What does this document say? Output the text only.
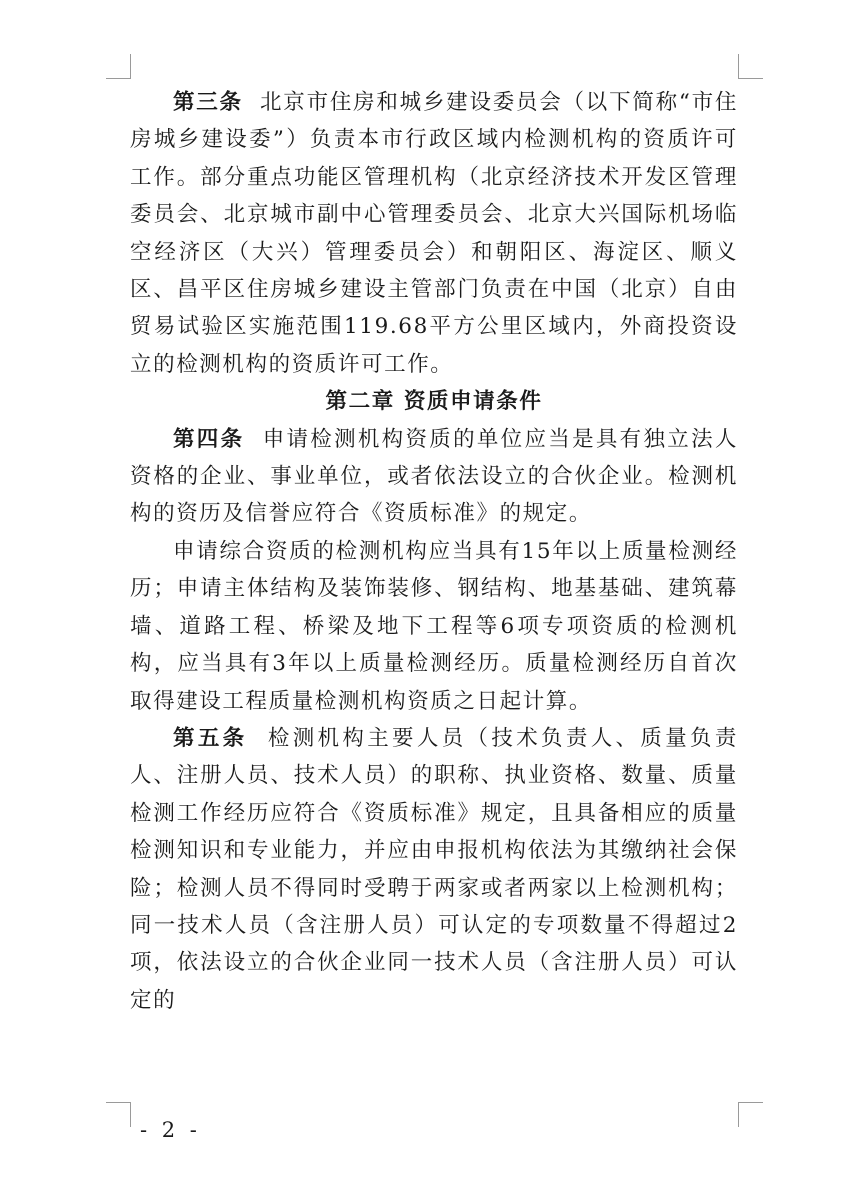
第三条 北京市住房和城乡建设委员会（以下简称“市住房城乡建设委”）负责本市行政区域内检测机构的资质许可工作。部分重点功能区管理机构（北京经济技术开发区管理委员会、北京城市副中心管理委员会、北京大兴国际机场临空经济区（大兴）管理委员会）和朝阳区、海淀区、顺义区、昌平区住房城乡建设主管部门负责在中国（北京）自由贸易试验区实施范围119.68平方公里区域内，外商投资设立的检测机构的资质许可工作。

第二章 资质申请条件

第四条 申请检测机构资质的单位应当是具有独立法人资格的企业、事业单位，或者依法设立的合伙企业。检测机构的资历及信誉应符合《资质标准》的规定。

申请综合资质的检测机构应当具有15年以上质量检测经历；申请主体结构及装饰装修、钢结构、地基基础、建筑幕墙、道路工程、桥梁及地下工程等6项专项资质的检测机构，应当具有3年以上质量检测经历。质量检测经历自首次取得建设工程质量检测机构资质之日起计算。

第五条 检测机构主要人员（技术负责人、质量负责人、注册人员、技术人员）的职称、执业资格、数量、质量检测工作经历应符合《资质标准》规定，且具备相应的质量检测知识和专业能力，并应由申报机构依法为其缴纳社会保险；检测人员不得同时受聘于两家或者两家以上检测机构；同一技术人员（含注册人员）可认定的专项数量不得超过2项，依法设立的合伙企业同一技术人员（含注册人员）可认定的

- 2 -
